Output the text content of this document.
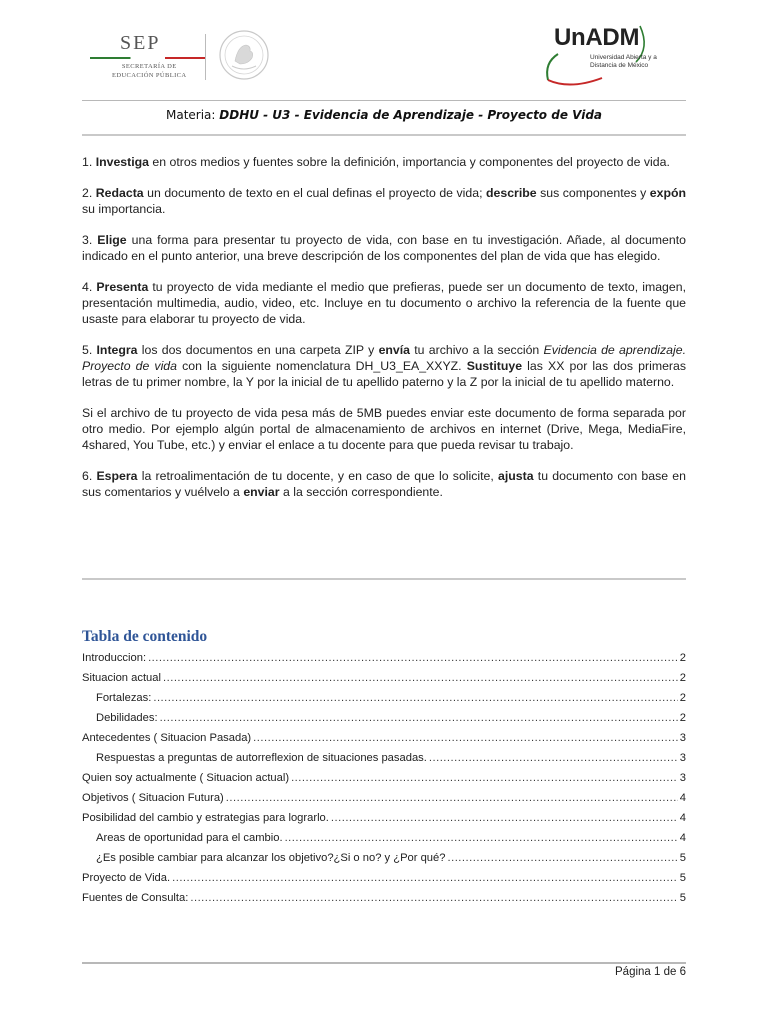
SEP
SECRETARÍA DE
EDUCACIÓN PÚBLICA
UnADM
Universidad Abierta y a
Distancia de México
Materia: DDHU - U3 - Evidencia de Aprendizaje - Proyecto de Vida

1. Investiga en otros medios y fuentes sobre la definición, importancia y componentes del proyecto de vida.

2. Redacta un documento de texto en el cual definas el proyecto de vida; describe sus componentes y expón su importancia.

3. Elige una forma para presentar tu proyecto de vida, con base en tu investigación. Añade, al documento indicado en el punto anterior, una breve descripción de los componentes del plan de vida que has elegido.

4. Presenta tu proyecto de vida mediante el medio que prefieras, puede ser un documento de texto, imagen, presentación multimedia, audio, video, etc. Incluye en tu documento o archivo la referencia de la fuente que usaste para elaborar tu proyecto de vida.

5. Integra los dos documentos en una carpeta ZIP y envía tu archivo a la sección Evidencia de aprendizaje. Proyecto de vida con la siguiente nomenclatura DH_U3_EA_XXYZ. Sustituye las XX por las dos primeras letras de tu primer nombre, la Y por la inicial de tu apellido paterno y la Z por la inicial de tu apellido materno.

Si el archivo de tu proyecto de vida pesa más de 5MB puedes enviar este documento de forma separada por otro medio. Por ejemplo algún portal de almacenamiento de archivos en internet (Drive, Mega, MediaFire, 4shared, You Tube, etc.) y enviar el enlace a tu docente para que pueda revisar tu trabajo.

6. Espera la retroalimentación de tu docente, y en caso de que lo solicite, ajusta tu documento con base en sus comentarios y vuélvelo a enviar a la sección correspondiente.

Tabla de contenido
Introduccion: .....	2
Situacion actual .....	2
Fortalezas: .....	2
Debilidades: .....	2
Antecedentes ( Situacion Pasada) .....	3
Respuestas a preguntas de autorreflexion de situaciones pasadas. .....	3
Quien soy actualmente ( Situacion actual) .....	3
Objetivos ( Situacion Futura) .....	4
Posibilidad del cambio y estrategias para lograrlo. .....	4
Areas de oportunidad para el cambio. .....	4
¿Es posible cambiar para alcanzar los objetivo?¿Si o no? y ¿Por qué? .....	5
Proyecto de Vida. .....	5
Fuentes de Consulta: .....	5
Página 1 de 6
